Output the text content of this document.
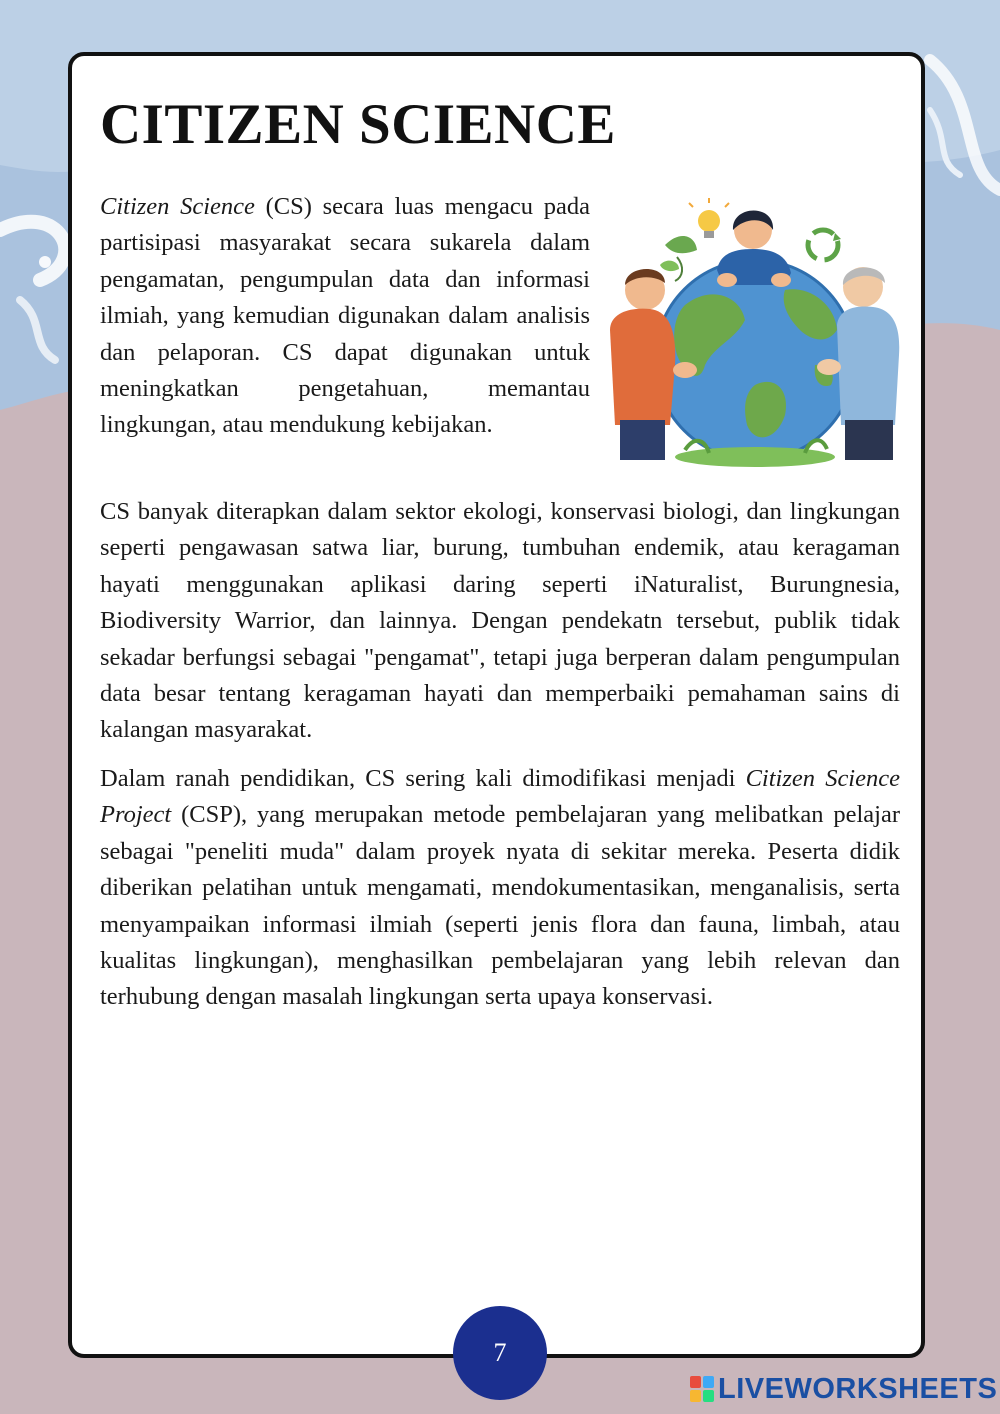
CITIZEN SCIENCE

Citizen Science (CS) secara luas mengacu pada partisipasi masyarakat secara sukarela dalam pengamatan, pengumpulan data dan informasi ilmiah, yang kemudian digunakan dalam analisis dan pelaporan. CS dapat digunakan untuk meningkatkan pengetahuan, memantau lingkungan, atau mendukung kebijakan.

CS banyak diterapkan dalam sektor ekologi, konservasi biologi, dan lingkungan seperti pengawasan satwa liar, burung, tumbuhan endemik, atau keragaman hayati menggunakan aplikasi daring seperti iNaturalist, Burungnesia, Biodiversity Warrior, dan lainnya. Dengan pendekatn tersebut, publik tidak sekadar berfungsi sebagai "pengamat", tetapi juga berperan dalam pengumpulan data besar tentang keragaman hayati dan memperbaiki pemahaman sains di kalangan masyarakat.

Dalam ranah pendidikan, CS sering kali dimodifikasi menjadi Citizen Science Project (CSP), yang merupakan metode pembelajaran yang melibatkan pelajar sebagai "peneliti muda" dalam proyek nyata di sekitar mereka. Peserta didik diberikan pelatihan untuk mengamati, mendokumentasikan, menganalisis, serta menyampaikan informasi ilmiah (seperti jenis flora dan fauna, limbah, atau kualitas lingkungan), menghasilkan pembelajaran yang lebih relevan dan terhubung dengan masalah lingkungan serta upaya konservasi.

7
LIVEWORKSHEETS
